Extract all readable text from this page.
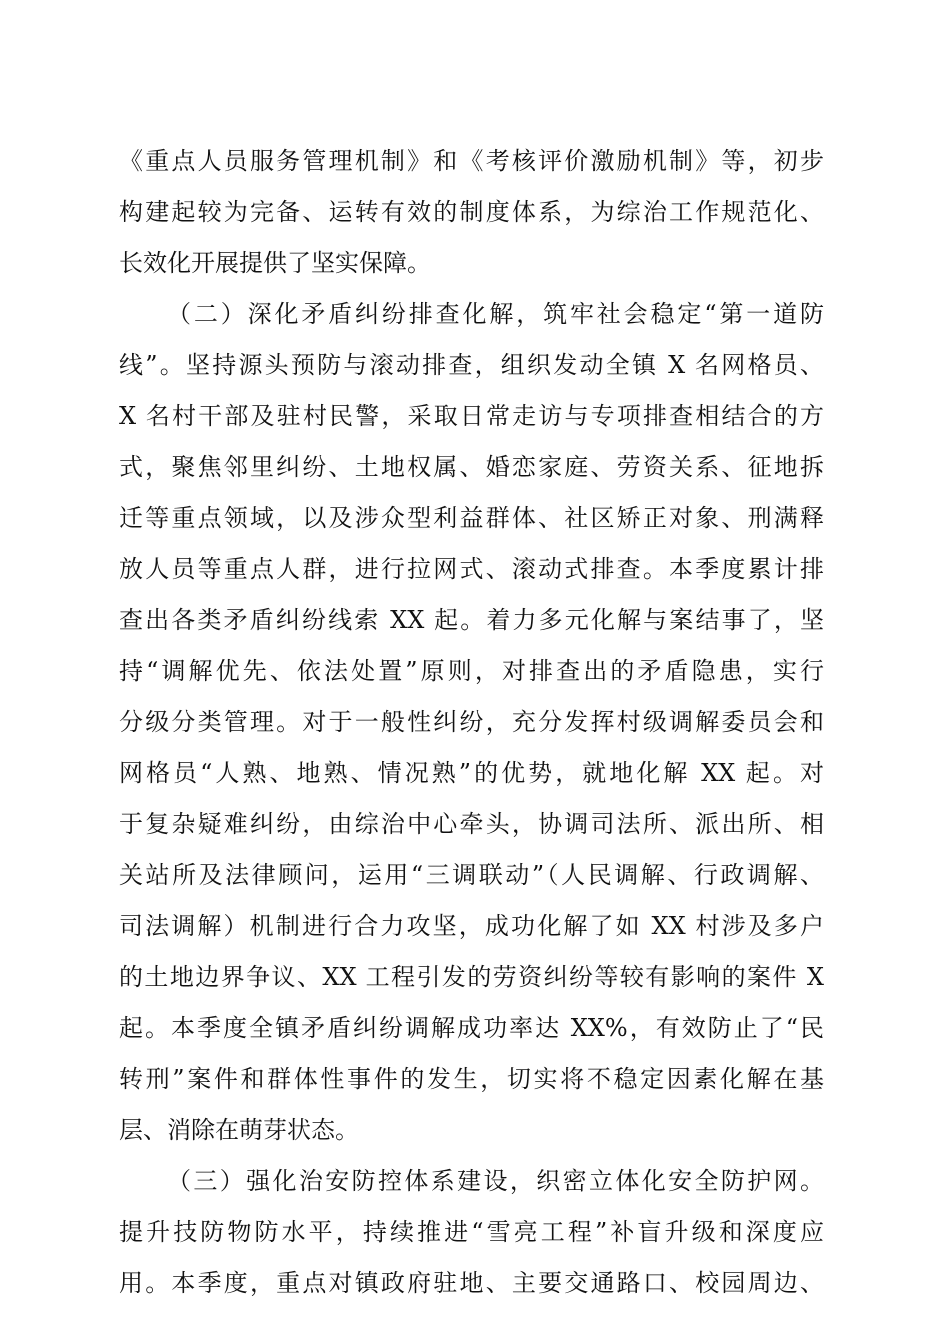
《重点人员服务管理机制》和《考核评价激励机制》等，初步
构建起较为完备、运转有效的制度体系，为综治工作规范化、
长效化开展提供了坚实保障。
（二）深化矛盾纠纷排查化解，筑牢社会稳定“第一道防
线”。坚持源头预防与滚动排查，组织发动全镇 X 名网格员、
X 名村干部及驻村民警，采取日常走访与专项排查相结合的方
式，聚焦邻里纠纷、土地权属、婚恋家庭、劳资关系、征地拆
迁等重点领域，以及涉众型利益群体、社区矫正对象、刑满释
放人员等重点人群，进行拉网式、滚动式排查。本季度累计排
查出各类矛盾纠纷线索 XX 起。着力多元化解与案结事了，坚
持“调解优先、依法处置”原则，对排查出的矛盾隐患，实行
分级分类管理。对于一般性纠纷，充分发挥村级调解委员会和
网格员“人熟、地熟、情况熟”的优势，就地化解 XX 起。对
于复杂疑难纠纷，由综治中心牵头，协调司法所、派出所、相
关站所及法律顾问，运用“三调联动”（人民调解、行政调解、
司法调解）机制进行合力攻坚，成功化解了如 XX 村涉及多户
的土地边界争议、XX 工程引发的劳资纠纷等较有影响的案件 X
起。本季度全镇矛盾纠纷调解成功率达 XX%，有效防止了“民
转刑”案件和群体性事件的发生，切实将不稳定因素化解在基
层、消除在萌芽状态。
（三）强化治安防控体系建设，织密立体化安全防护网。
提升技防物防水平，持续推进“雪亮工程”补盲升级和深度应
用。本季度，重点对镇政府驻地、主要交通路口、校园周边、
